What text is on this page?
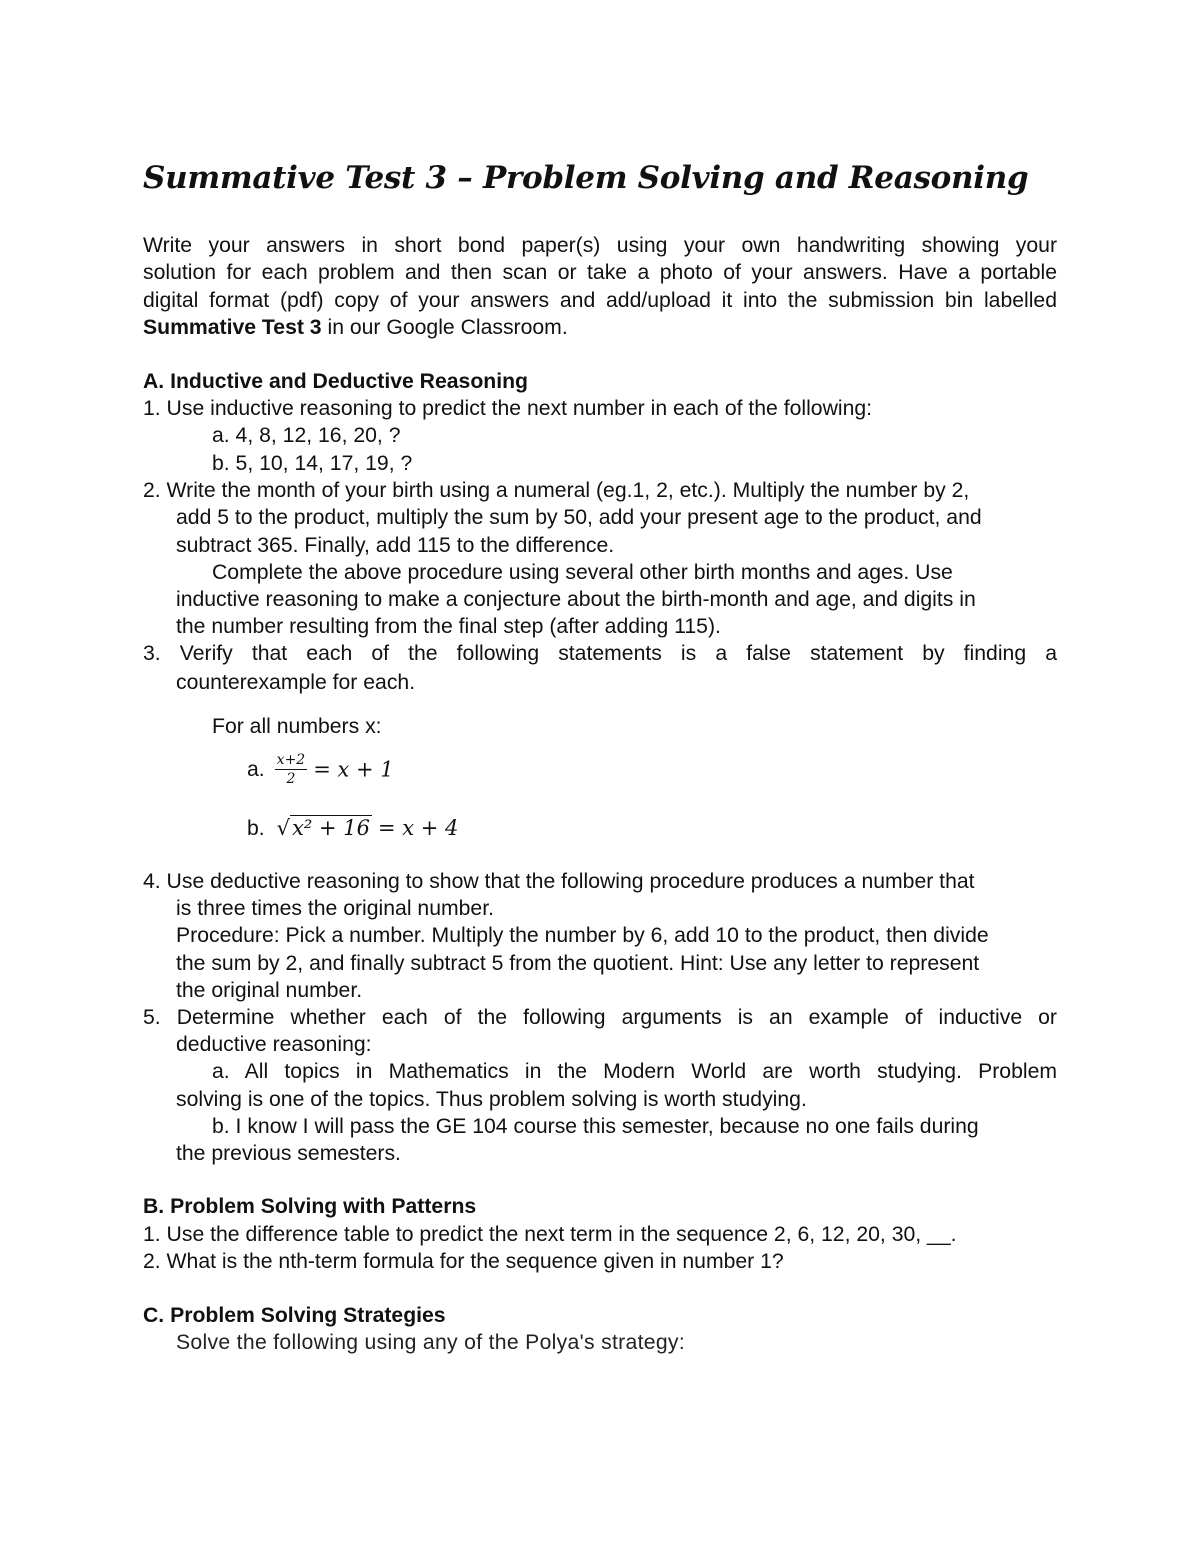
Summative Test 3 – Problem Solving and Reasoning
Write your answers in short bond paper(s) using your own handwriting showing your
solution for each problem and then scan or take a photo of your answers. Have a portable
digital format (pdf) copy of your answers and add/upload it into the submission bin labelled
Summative Test 3 in our Google Classroom.
A. Inductive and Deductive Reasoning
1. Use inductive reasoning to predict the next number in each of the following:
a. 4, 8, 12, 16, 20, ?
b. 5, 10, 14, 17, 19, ?
2. Write the month of your birth using a numeral (eg.1, 2, etc.). Multiply the number by 2,
add 5 to the product, multiply the sum by 50, add your present age to the product, and
subtract 365. Finally, add 115 to the difference.
Complete the above procedure using several other birth months and ages. Use
inductive reasoning to make a conjecture about the birth-month and age, and digits in
the number resulting from the final step (after adding 115).
3. Verify that each of the following statements is a false statement by finding a
counterexample for each.
For all numbers x:
a. $\frac{x+2}{2} = x + 1$
b. √x² + 16 = x + 4
4. Use deductive reasoning to show that the following procedure produces a number that
is three times the original number.
Procedure: Pick a number. Multiply the number by 6, add 10 to the product, then divide
the sum by 2, and finally subtract 5 from the quotient. Hint: Use any letter to represent
the original number.
5. Determine whether each of the following arguments is an example of inductive or
deductive reasoning:
a. All topics in Mathematics in the Modern World are worth studying. Problem
solving is one of the topics. Thus problem solving is worth studying.
b. I know I will pass the GE 104 course this semester, because no one fails during
the previous semesters.
B. Problem Solving with Patterns
1. Use the difference table to predict the next term in the sequence 2, 6, 12, 20, 30, __.
2. What is the nth-term formula for the sequence given in number 1?
C. Problem Solving Strategies
Solve the following using any of the Polya's strategy:
